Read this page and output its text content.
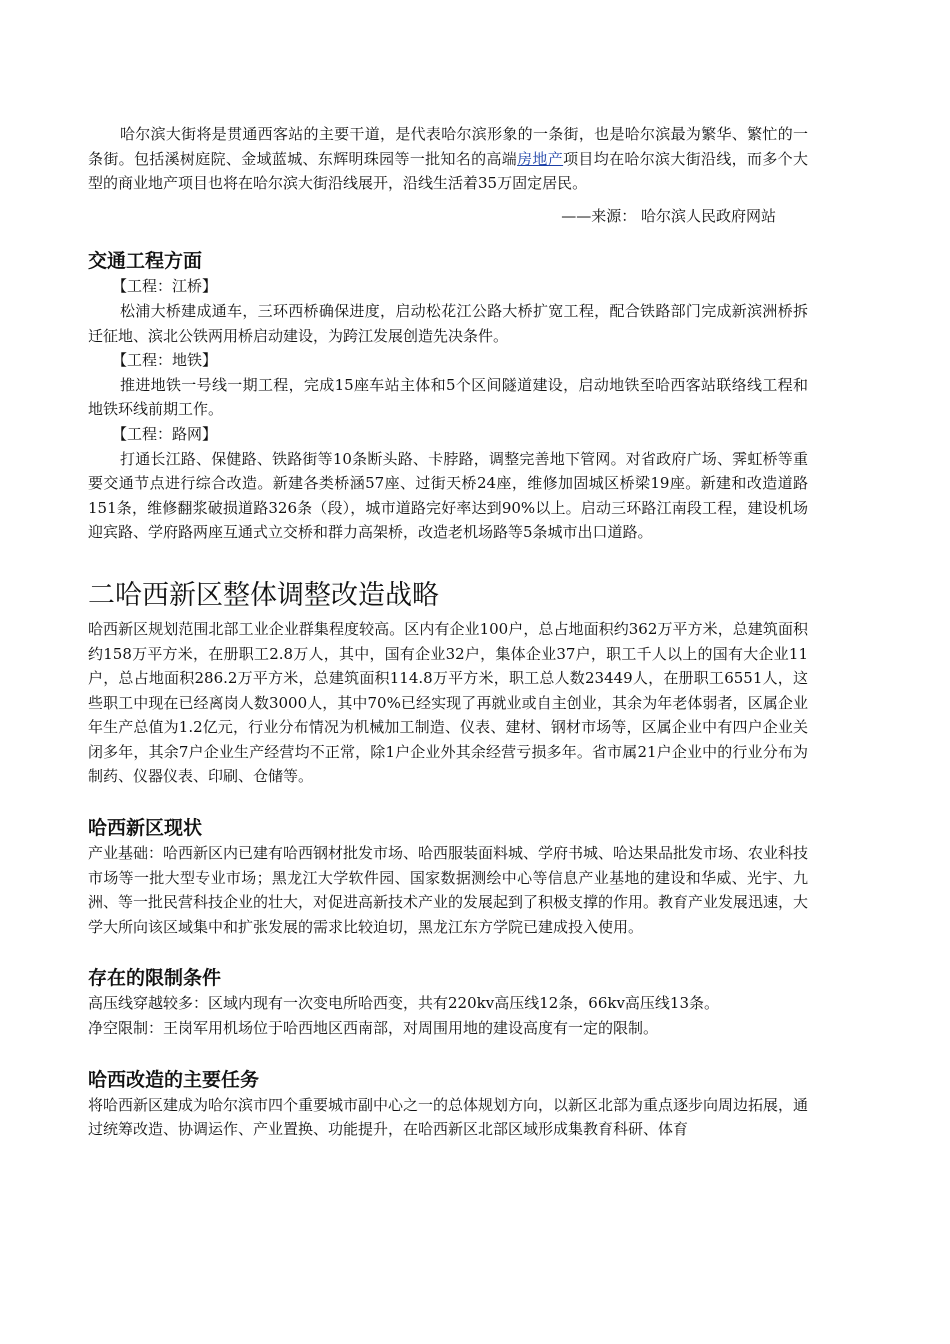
哈尔滨大街将是贯通西客站的主要干道，是代表哈尔滨形象的一条街，也是哈尔滨最为繁华、繁忙的一条街。包括溪树庭院、金域蓝城、东辉明珠园等一批知名的高端房地产项目均在哈尔滨大街沿线，而多个大型的商业地产项目也将在哈尔滨大街沿线展开，沿线生活着35万固定居民。

——来源： 哈尔滨人民政府网站

交通工程方面

【工程：江桥】

松浦大桥建成通车，三环西桥确保进度，启动松花江公路大桥扩宽工程，配合铁路部门完成新滨洲桥拆迁征地、滨北公铁两用桥启动建设，为跨江发展创造先决条件。

【工程：地铁】

推进地铁一号线一期工程，完成15座车站主体和5个区间隧道建设，启动地铁至哈西客站联络线工程和地铁环线前期工作。

【工程：路网】

打通长江路、保健路、铁路街等10条断头路、卡脖路，调整完善地下管网。对省政府广场、霁虹桥等重要交通节点进行综合改造。新建各类桥涵57座、过街天桥24座，维修加固城区桥梁19座。新建和改造道路151条，维修翻浆破损道路326条（段），城市道路完好率达到90%以上。启动三环路江南段工程，建设机场迎宾路、学府路两座互通式立交桥和群力高架桥，改造老机场路等5条城市出口道路。

二哈西新区整体调整改造战略

哈西新区规划范围北部工业企业群集程度较高。区内有企业100户，总占地面积约362万平方米，总建筑面积约158万平方米，在册职工2.8万人，其中，国有企业32户，集体企业37户，职工千人以上的国有大企业11户，总占地面积286.2万平方米，总建筑面积114.8万平方米，职工总人数23449人，在册职工6551人，这些职工中现在已经离岗人数3000人，其中70%已经实现了再就业或自主创业，其余为年老体弱者，区属企业年生产总值为1.2亿元，行业分布情况为机械加工制造、仪表、建材、钢材市场等，区属企业中有四户企业关闭多年，其余7户企业生产经营均不正常，除1户企业外其余经营亏损多年。省市属21户企业中的行业分布为制药、仪器仪表、印刷、仓储等。

哈西新区现状

产业基础：哈西新区内已建有哈西钢材批发市场、哈西服装面料城、学府书城、哈达果品批发市场、农业科技市场等一批大型专业市场；黑龙江大学软件园、国家数据测绘中心等信息产业基地的建设和华威、光宇、九洲、等一批民营科技企业的壮大，对促进高新技术产业的发展起到了积极支撑的作用。教育产业发展迅速，大学大所向该区域集中和扩张发展的需求比较迫切，黑龙江东方学院已建成投入使用。

存在的限制条件

高压线穿越较多：区域内现有一次变电所哈西变，共有220kv高压线12条，66kv高压线13条。

净空限制：王岗军用机场位于哈西地区西南部，对周围用地的建设高度有一定的限制。

哈西改造的主要任务

将哈西新区建成为哈尔滨市四个重要城市副中心之一的总体规划方向，以新区北部为重点逐步向周边拓展，通过统筹改造、协调运作、产业置换、功能提升，在哈西新区北部区域形成集教育科研、体育
